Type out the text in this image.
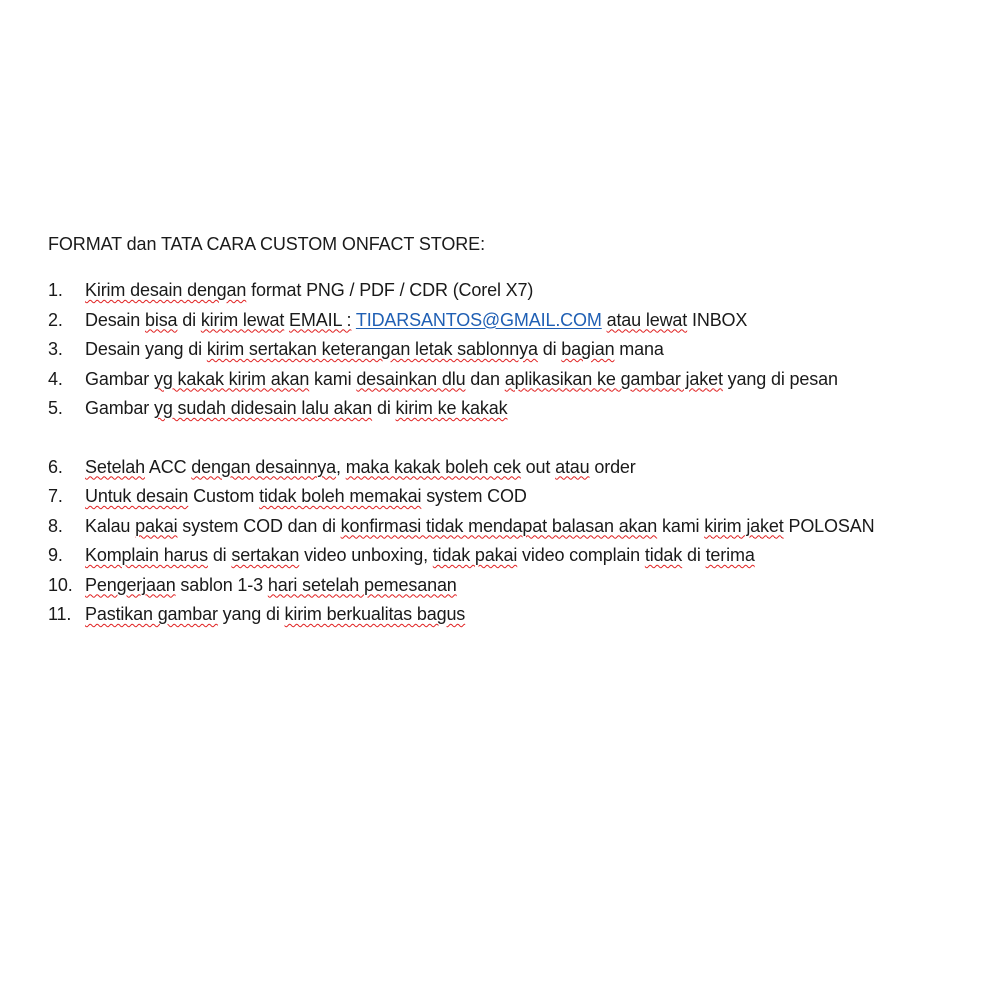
FORMAT dan TATA CARA CUSTOM ONFACT STORE:
1. Kirim desain dengan format PNG / PDF / CDR (Corel X7)
2. Desain bisa di kirim lewat EMAIL : TIDARSANTOS@GMAIL.COM atau lewat INBOX
3. Desain yang di kirim sertakan keterangan letak sablonnya di bagian mana
4. Gambar yg kakak kirim akan kami desainkan dlu dan aplikasikan ke gambar jaket yang di pesan
5. Gambar yg sudah didesain lalu akan di kirim ke kakak
6. Setelah ACC dengan desainnya, maka kakak boleh cek out atau order
7. Untuk desain Custom tidak boleh memakai system COD
8. Kalau pakai system COD dan di konfirmasi tidak mendapat balasan akan kami kirim jaket POLOSAN
9. Komplain harus di sertakan video unboxing, tidak pakai video complain tidak di terima
10. Pengerjaan sablon 1-3 hari setelah pemesanan
11. Pastikan gambar yang di kirim berkualitas bagus
